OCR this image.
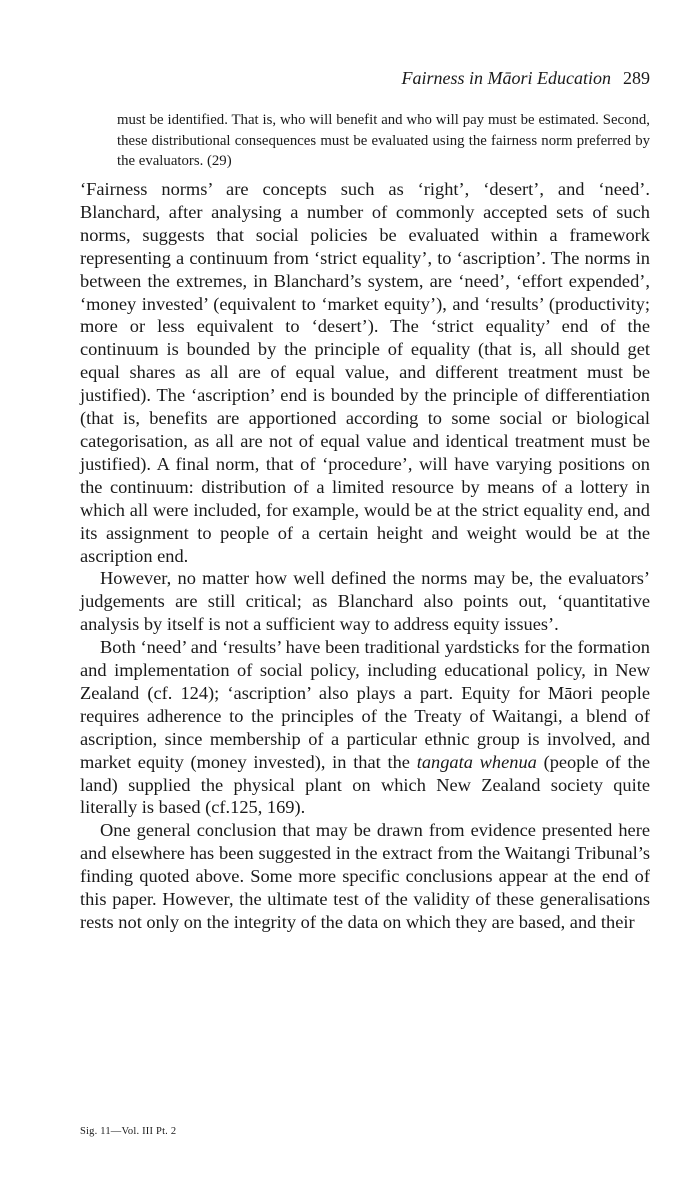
Fairness in Māori Education 289
must be identified. That is, who will benefit and who will pay must be estimated. Second, these distributional consequences must be evaluated using the fairness norm preferred by the evaluators. (29)

‘Fairness norms’ are concepts such as ‘right’, ‘desert’, and ‘need’. Blanchard, after analysing a number of commonly accepted sets of such norms, suggests that social policies be evaluated within a framework representing a continuum from ‘strict equality’, to ‘ascription’. The norms in between the extremes, in Blanchard’s system, are ‘need’, ‘effort expended’, ‘money invested’ (equivalent to ‘market equity’), and ‘results’ (productivity; more or less equivalent to ‘desert’). The ‘strict equality’ end of the continuum is bounded by the principle of equality (that is, all should get equal shares as all are of equal value, and different treatment must be justified). The ‘ascription’ end is bounded by the principle of differentiation (that is, benefits are apportioned according to some social or biological categorisation, as all are not of equal value and identical treatment must be justified). A final norm, that of ‘procedure’, will have varying positions on the continuum: distribution of a limited resource by means of a lottery in which all were included, for example, would be at the strict equality end, and its assignment to people of a certain height and weight would be at the ascription end.

However, no matter how well defined the norms may be, the evaluators’ judgements are still critical; as Blanchard also points out, ‘quantitative analysis by itself is not a sufficient way to address equity issues’.

Both ‘need’ and ‘results’ have been traditional yardsticks for the formation and implementation of social policy, including educational policy, in New Zealand (cf. 124); ‘ascription’ also plays a part. Equity for Māori people requires adherence to the principles of the Treaty of Waitangi, a blend of ascription, since membership of a particular ethnic group is involved, and market equity (money invested), in that the tangata whenua (people of the land) supplied the physical plant on which New Zealand society quite literally is based (cf.125, 169).

One general conclusion that may be drawn from evidence presented here and elsewhere has been suggested in the extract from the Waitangi Tribunal’s finding quoted above. Some more specific conclusions appear at the end of this paper. However, the ultimate test of the validity of these generalisations rests not only on the integrity of the data on which they are based, and their

Sig. 11—Vol. III Pt. 2
